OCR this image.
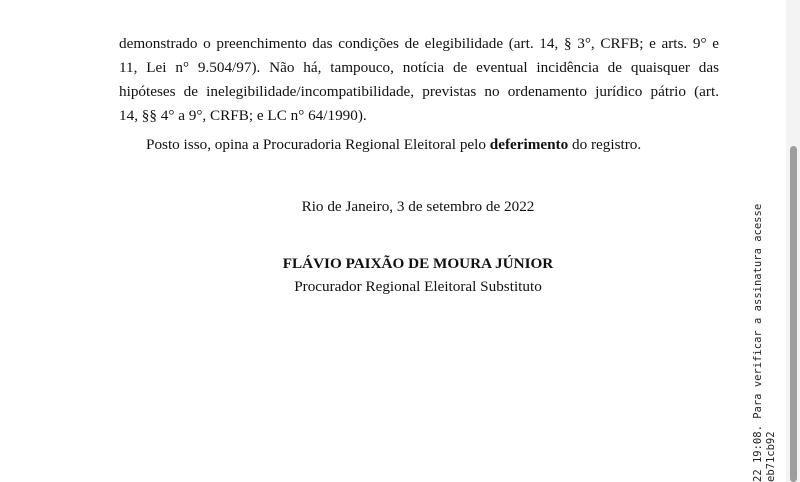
demonstrado o preenchimento das condições de elegibilidade (art. 14, § 3°, CRFB; e arts. 9° e
11, Lei n° 9.504/97). Não há, tampouco, notícia de eventual incidência de quaisquer das
hipóteses de inelegibilidade/incompatibilidade, previstas no ordenamento jurídico pátrio (art.
14, §§ 4° a 9°, CRFB; e LC n° 64/1990).

Posto isso, opina a Procuradoria Regional Eleitoral pelo deferimento do registro.

Rio de Janeiro, 3 de setembro de 2022
FLÁVIO PAIXÃO DE MOURA JÚNIOR
Procurador Regional Eleitoral Substituto	22 19:08. Para verificar a assinatura acesse eb71cb92
